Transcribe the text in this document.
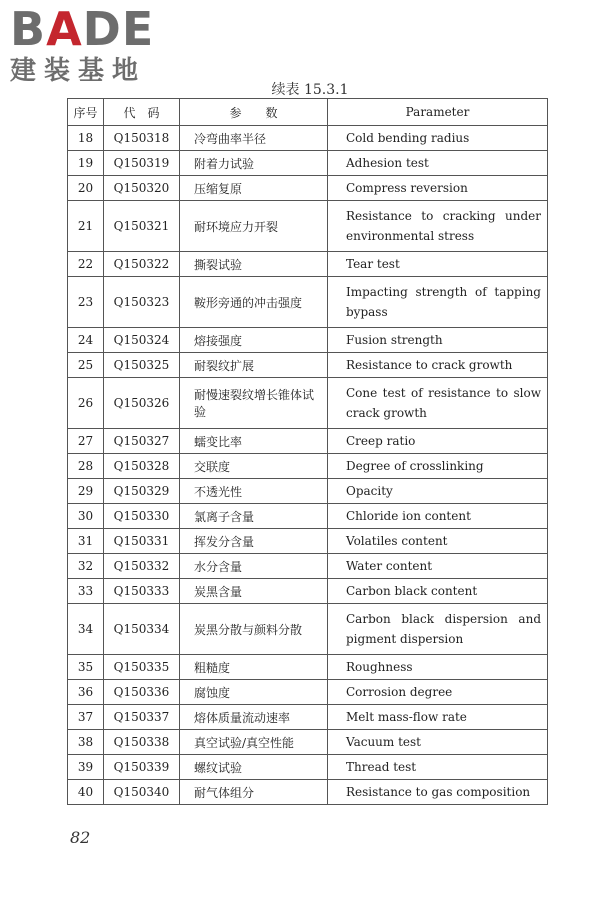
BADE
建装基地
续表 15.3.1
序号	代　码	参　　数	Parameter
18	Q150318	冷弯曲率半径	Cold bending radius
19	Q150319	附着力试验	Adhesion test
20	Q150320	压缩复原	Compress reversion
21	Q150321	耐环境应力开裂	Resistance to cracking under environmental stress
22	Q150322	撕裂试验	Tear test
23	Q150323	鞍形旁通的冲击强度	Impacting strength of tapping bypass
24	Q150324	熔接强度	Fusion strength
25	Q150325	耐裂纹扩展	Resistance to crack growth
26	Q150326	耐慢速裂纹增长锥体试验	Cone test of resistance to slow crack growth
27	Q150327	蠕变比率	Creep ratio
28	Q150328	交联度	Degree of crosslinking
29	Q150329	不透光性	Opacity
30	Q150330	氯离子含量	Chloride ion content
31	Q150331	挥发分含量	Volatiles content
32	Q150332	水分含量	Water content
33	Q150333	炭黑含量	Carbon black content
34	Q150334	炭黑分散与颜料分散	Carbon black dispersion and pigment dispersion
35	Q150335	粗糙度	Roughness
36	Q150336	腐蚀度	Corrosion degree
37	Q150337	熔体质量流动速率	Melt mass-flow rate
38	Q150338	真空试验/真空性能	Vacuum test
39	Q150339	螺纹试验	Thread test
40	Q150340	耐气体组分	Resistance to gas composition
82
